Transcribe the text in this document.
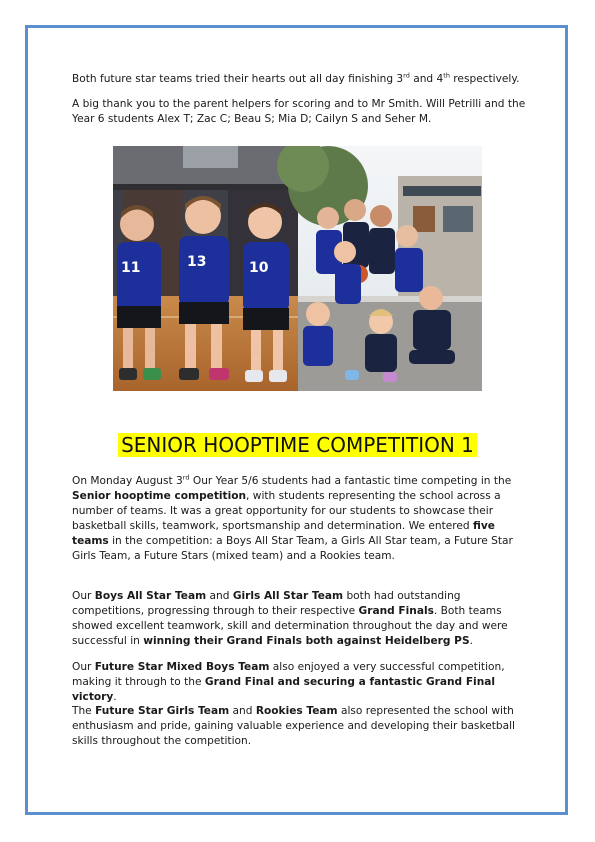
Both future star teams tried their hearts out all day finishing 3rd and 4th respectively.

A big thank you to the parent helpers for scoring and to Mr Smith. Will Petrilli and the Year 6 students Alex T; Zac C; Beau S; Mia D; Cailyn S and Seher M.

11	13	10
SENIOR HOOPTIME COMPETITION 1

On Monday August 3rd Our Year 5/6 students had a fantastic time competing in the Senior hooptime competition, with students representing the school across a number of teams. It was a great opportunity for our students to showcase their basketball skills, teamwork, sportsmanship and determination. We entered five teams in the competition: a Boys All Star Team, a Girls All Star team, a Future Star Girls Team, a Future Stars (mixed team) and a Rookies team.

Our Boys All Star Team and Girls All Star Team both had outstanding competitions, progressing through to their respective Grand Finals. Both teams showed excellent teamwork, skill and determination throughout the day and were successful in winning their Grand Finals both against Heidelberg PS.

Our Future Star Mixed Boys Team also enjoyed a very successful competition, making it through to the Grand Final and securing a fantastic Grand Final victory.

The Future Star Girls Team and Rookies Team also represented the school with enthusiasm and pride, gaining valuable experience and developing their basketball skills throughout the competition.
